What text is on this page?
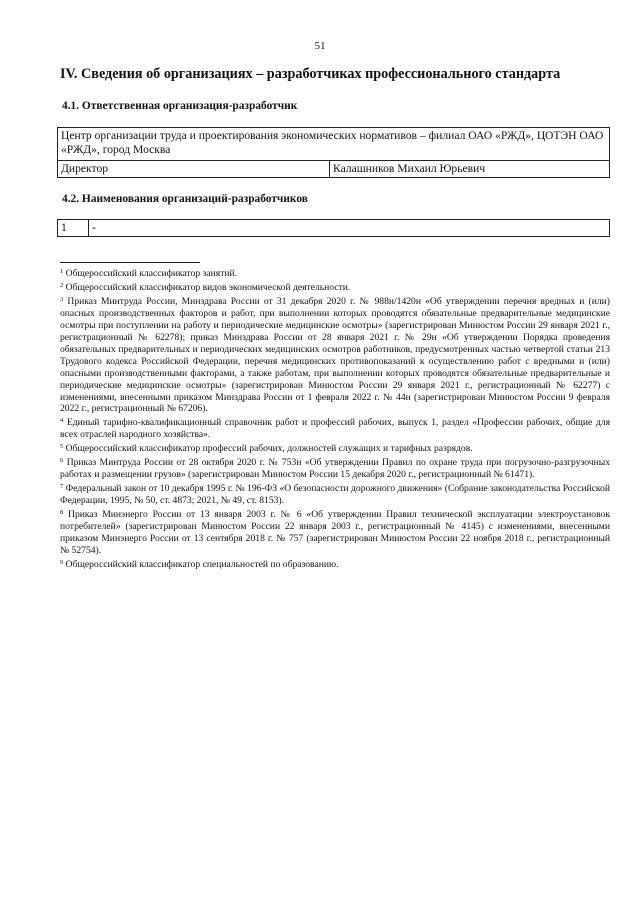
51
IV. Сведения об организациях – разработчиках профессионального стандарта
4.1. Ответственная организация-разработчик
Центр организации труда и проектирования экономических нормативов – филиал ОАО «РЖД», ЦОТЭН ОАО «РЖД», город Москва
Директор	Калашников Михаил Юрьевич
4.2. Наименования организаций-разработчиков
1	-

$^1$ Общероссийский классификатор занятий.

$^2$ Общероссийский классификатор видов экономической деятельности.

$^3$ Приказ Минтруда России, Минздрава России от 31 декабря 2020 г. № 988н/1420н «Об утверждении перечня вредных и (или) опасных производственных факторов и работ, при выполнении которых проводятся обязательные предварительные медицинские осмотры при поступлении на работу и периодические медицинские осмотры» (зарегистрирован Минюстом России 29 января 2021 г., регистрационный № 62278); приказ Минздрава России от 28 января 2021 г. № 29н «Об утверждении Порядка проведения обязательных предварительных и периодических медицинских осмотров работников, предусмотренных частью четвертой статьи 213 Трудового кодекса Российской Федерации, перечня медицинских противопоказаний к осуществлению работ с вредными и (или) опасными производственными факторами, а также работам, при выполнении которых проводятся обязательные предварительные и периодические медицинские осмотры» (зарегистрирован Минюстом России 29 января 2021 г., регистрационный № 62277) с изменениями, внесенными приказом Минздрава России от 1 февраля 2022 г. № 44н (зарегистрирован Минюстом России 9 февраля 2022 г., регистрационный № 67206).

$^4$ Единый тарифно-квалификационный справочник работ и профессий рабочих, выпуск 1, раздел «Профессии рабочих, общие для всех отраслей народного хозяйства».

$^5$ Общероссийский классификатор профессий рабочих, должностей служащих и тарифных разрядов.

$^6$ Приказ Минтруда России от 28 октября 2020 г. № 753н «Об утверждении Правил по охране труда при погрузочно-разгрузочных работах и размещении грузов» (зарегистрирован Минюстом России 15 декабря 2020 г., регистрационный № 61471).

$^7$ Федеральный закон от 10 декабря 1995 г. № 196-ФЗ «О безопасности дорожного движения» (Собрание законодательства Российской Федерации, 1995, № 50, ст. 4873; 2021, № 49, ст. 8153).

$^8$ Приказ Минэнерго России от 13 января 2003 г. № 6 «Об утверждении Правил технической эксплуатации электроустановок потребителей» (зарегистрирован Минюстом России 22 января 2003 г., регистрационный № 4145) с изменениями, внесенными приказом Минэнерго России от 13 сентября 2018 г. № 757 (зарегистрирован Минюстом России 22 ноября 2018 г., регистрационный № 52754).

$^9$ Общероссийский классификатор специальностей по образованию.
